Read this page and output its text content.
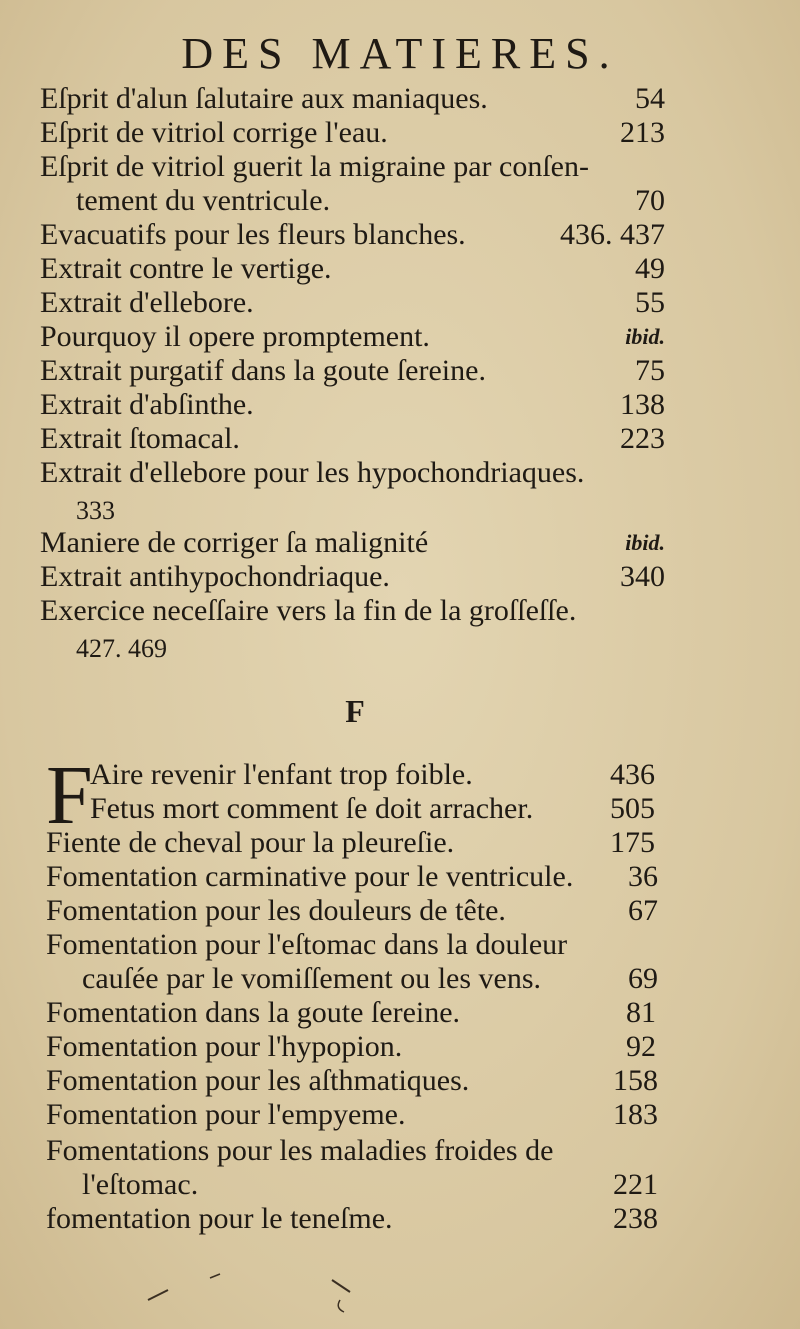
DES MATIERES.
Eſprit d'alun ſalutaire aux maniaques.	54
Eſprit de vitriol corrige l'eau.	213
Eſprit de vitriol guerit la migraine par conſen-
tement du ventricule.	70
Evacuatifs pour les fleurs blanches.	436. 437
Extrait contre le vertige.	49
Extrait d'ellebore.	55
Pourquoy il opere promptement.	ibid.
Extrait purgatif dans la goute ſereine.	75
Extrait d'abſinthe.	138
Extrait ſtomacal.	223
Extrait d'ellebore pour les hypochondriaques.
333
Maniere de corriger ſa malignité	ibid.
Extrait antihypochondriaque.	340
Exercice neceſſaire vers la fin de la groſſeſſe.
427. 469
F
F
Aire revenir l'enfant trop foible.	436
Fetus mort comment ſe doit arracher.	505
Fiente de cheval pour la pleureſie.	175
Fomentation carminative pour le ventricule. 36
Fomentation pour les douleurs de tête.	67
Fomentation pour l'eſtomac dans la douleur
cauſée par le vomiſſement ou les vens.	69
Fomentation dans la goute ſereine.	81
Fomentation pour l'hypopion.	92
Fomentation pour les aſthmatiques.	158
Fomentation pour l'empyeme.	183
Fomentations pour les maladies froides de
l'eſtomac.	221
fomentation pour le teneſme.	238
